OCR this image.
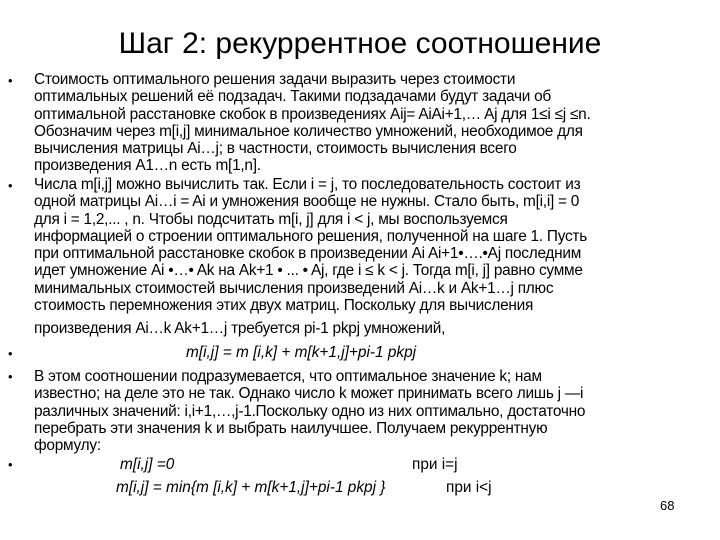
Шаг 2: рекуррентное соотношение
•
•
•
•
•
Стоимость оптимального решения задачи выразить через стоимости
оптимальных решений её подзадач. Такими подзадачами будут задачи об
оптимальной расстановке скобок в произведениях Aij= AiAi+1,… Aj для 1≤i ≤j ≤n.
Обозначим через m[i,j] минимальное количество умножений, необходимое для
вычисления матрицы Ai…j; в частности, стоимость вычисления всего
произведения A1…n есть m[1,n].
Числа m[i,j] можно вычислить так. Если i = j, то последовательность состоит из
одной матрицы Ai…i = Ai и умножения вообще не нужны. Стало быть, m[i,i] = 0
для i = 1,2,... , n. Чтобы подсчитать m[i, j] для i < j, мы воспользуемся
информацией о строении оптимального решения, полученной на шаге 1. Пусть
при оптимальной расстановке скобок в произведении Ai Ai+1•….•Aj последним
идет умножение Ai •…• Ak на Ak+1 • ... • Aj, где i ≤ k < j. Тогда m[i, j] равно сумме
минимальных стоимостей вычисления произведений Ai…k и Ak+1…j плюс
стоимость перемножения этих двух матриц. Поскольку для вычисления
произведения Ai…k Ak+1…j требуется pi-1 pkpj умножений,
m[i,j] = m [i,k] + m[k+1,j]+pi-1 pkpj
В этом соотношении подразумевается, что оптимальное значение k; нам
известно; на деле это не так. Однако число k может принимать всего лишь j —i
различных значений: i,i+1,…,j-1.Поскольку одно из них оптимально, достаточно
перебрать эти значения k и выбрать наилучшее. Получаем рекуррентную
формулу:
m[i,j] =0	при i=j
m[i,j] = min{m [i,k] + m[k+1,j]+pi-1 pkpj }	при i<j
68
